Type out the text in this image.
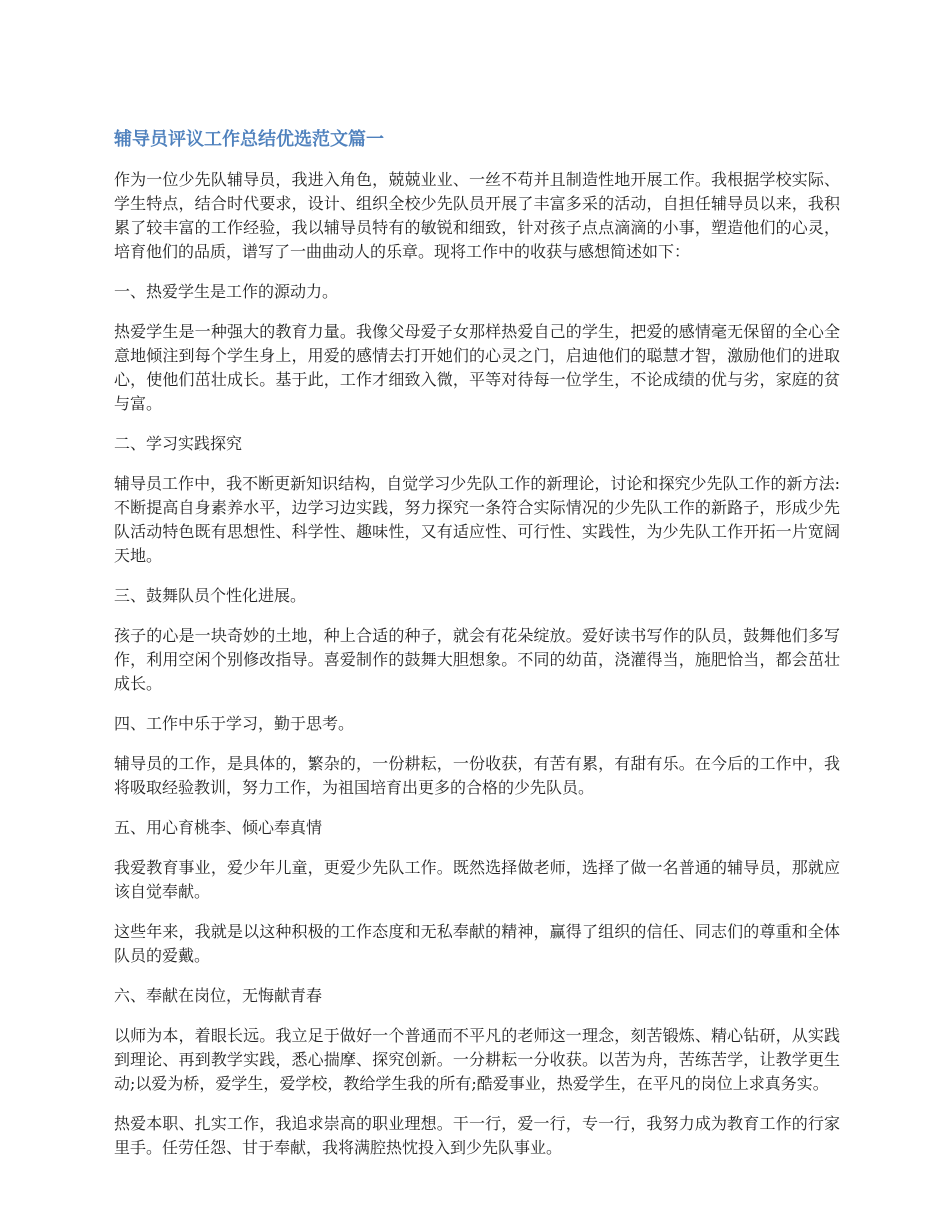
辅导员评议工作总结优选范文篇一

作为一位少先队辅导员，我进入角色，兢兢业业、一丝不苟并且制造性地开展工作。我根据学校实际、学生特点，结合时代要求，设计、组织全校少先队员开展了丰富多采的活动，自担任辅导员以来，我积累了较丰富的工作经验，我以辅导员特有的敏锐和细致，针对孩子点点滴滴的小事，塑造他们的心灵，培育他们的品质，谱写了一曲曲动人的乐章。现将工作中的收获与感想简述如下：

一、热爱学生是工作的源动力。

热爱学生是一种强大的教育力量。我像父母爱子女那样热爱自己的学生，把爱的感情毫无保留的全心全意地倾注到每个学生身上，用爱的感情去打开她们的心灵之门，启迪他们的聪慧才智，激励他们的进取心，使他们茁壮成长。基于此，工作才细致入微，平等对待每一位学生，不论成绩的优与劣，家庭的贫与富。

二、学习实践探究

辅导员工作中，我不断更新知识结构，自觉学习少先队工作的新理论，讨论和探究少先队工作的新方法:不断提高自身素养水平，边学习边实践，努力探究一条符合实际情况的少先队工作的新路子，形成少先队活动特色既有思想性、科学性、趣味性，又有适应性、可行性、实践性，为少先队工作开拓一片宽阔天地。

三、鼓舞队员个性化进展。

孩子的心是一块奇妙的土地，种上合适的种子，就会有花朵绽放。爱好读书写作的队员，鼓舞他们多写作，利用空闲个别修改指导。喜爱制作的鼓舞大胆想象。不同的幼苗，浇灌得当，施肥恰当，都会茁壮成长。

四、工作中乐于学习，勤于思考。

辅导员的工作，是具体的，繁杂的，一份耕耘，一份收获，有苦有累，有甜有乐。在今后的工作中，我将吸取经验教训，努力工作，为祖国培育出更多的合格的少先队员。

五、用心育桃李、倾心奉真情

我爱教育事业，爱少年儿童，更爱少先队工作。既然选择做老师，选择了做一名普通的辅导员，那就应该自觉奉献。

这些年来，我就是以这种积极的工作态度和无私奉献的精神，赢得了组织的信任、同志们的尊重和全体队员的爱戴。

六、奉献在岗位，无悔献青春

以师为本，着眼长远。我立足于做好一个普通而不平凡的老师这一理念，刻苦锻炼、精心钻研，从实践到理论、再到教学实践，悉心揣摩、探究创新。一分耕耘一分收获。以苦为舟，苦练苦学，让教学更生动;以爱为桥，爱学生，爱学校，教给学生我的所有;酷爱事业，热爱学生，在平凡的岗位上求真务实。

热爱本职、扎实工作，我追求崇高的职业理想。干一行，爱一行，专一行，我努力成为教育工作的行家里手。任劳任怨、甘于奉献，我将满腔热忱投入到少先队事业。
